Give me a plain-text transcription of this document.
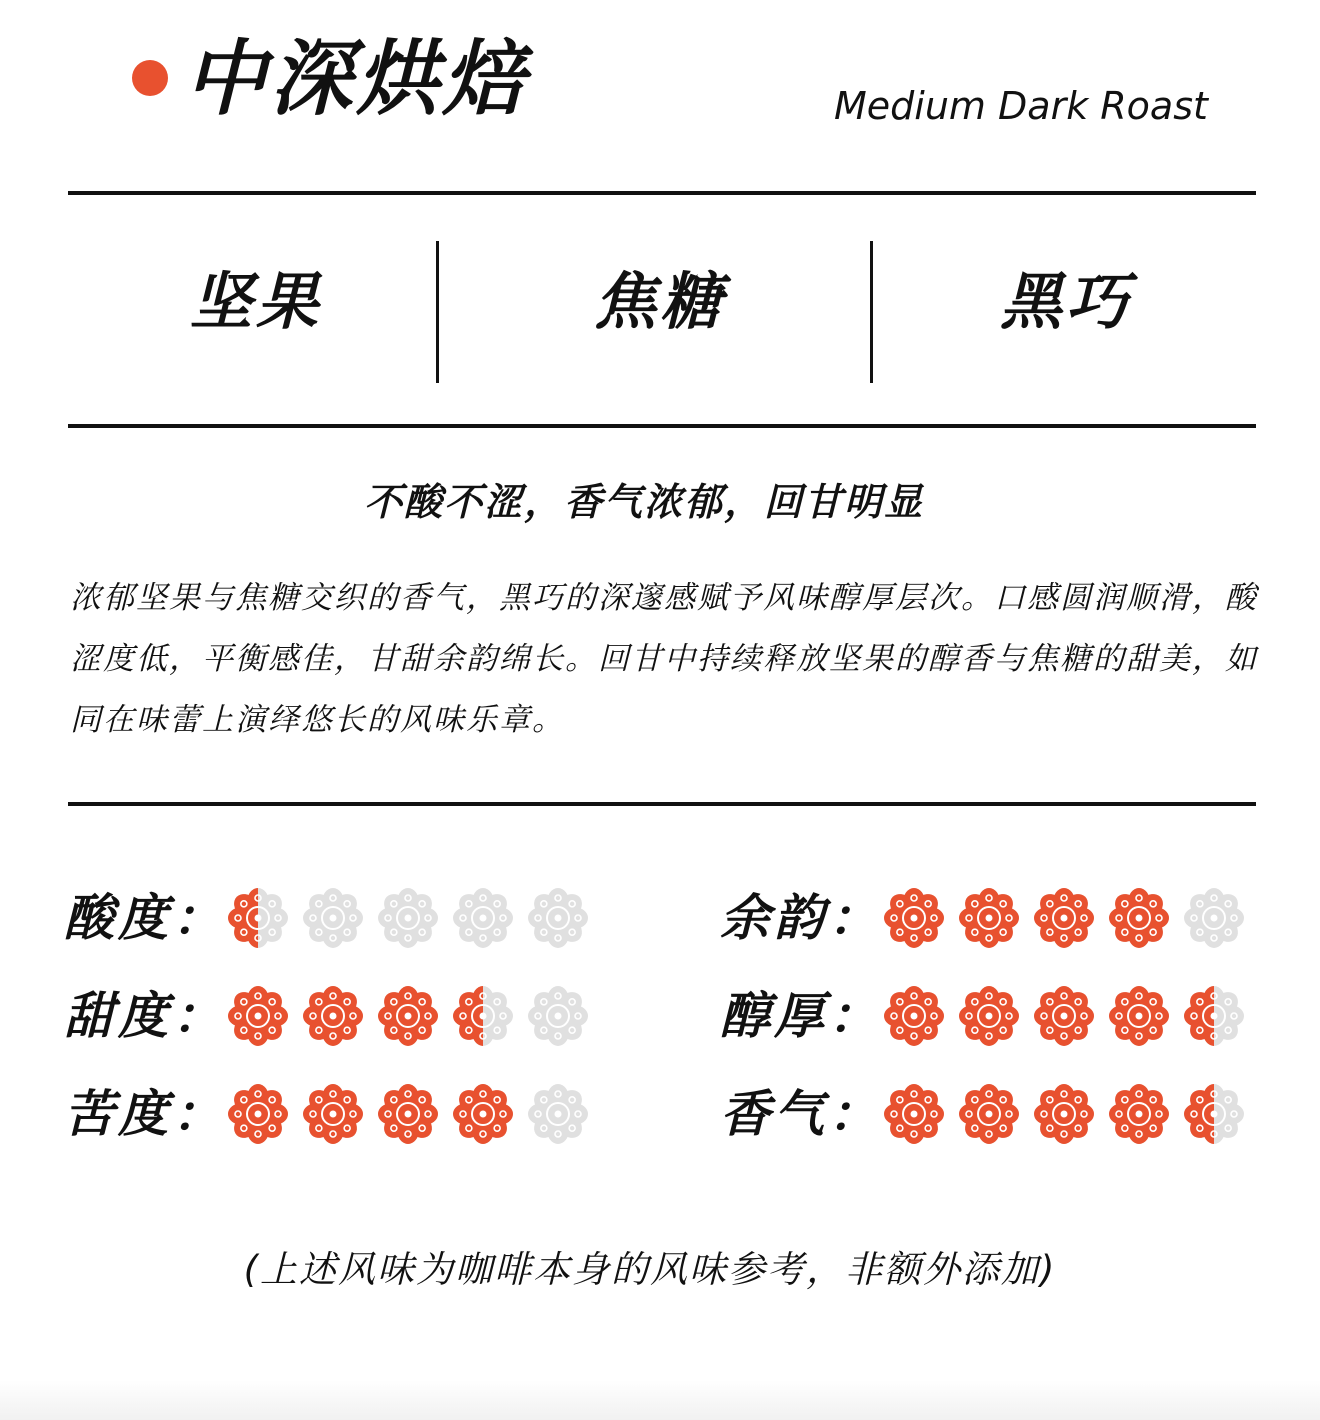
中深烘焙	Medium Dark Roast
坚果	焦糖	黑巧
不酸不涩，香气浓郁，回甘明显
浓郁坚果与焦糖交织的香气，黑巧的深邃感赋予风味醇厚层次。口感圆润顺滑，酸涩度低，平衡感佳，甘甜余韵绵长。回甘中持续释放坚果的醇香与焦糖的甜美，如同在味蕾上演绎悠长的风味乐章。
酸度：
甜度：
苦度：
余韵：
醇厚：
香气：
(上述风味为咖啡本身的风味参考，非额外添加)
